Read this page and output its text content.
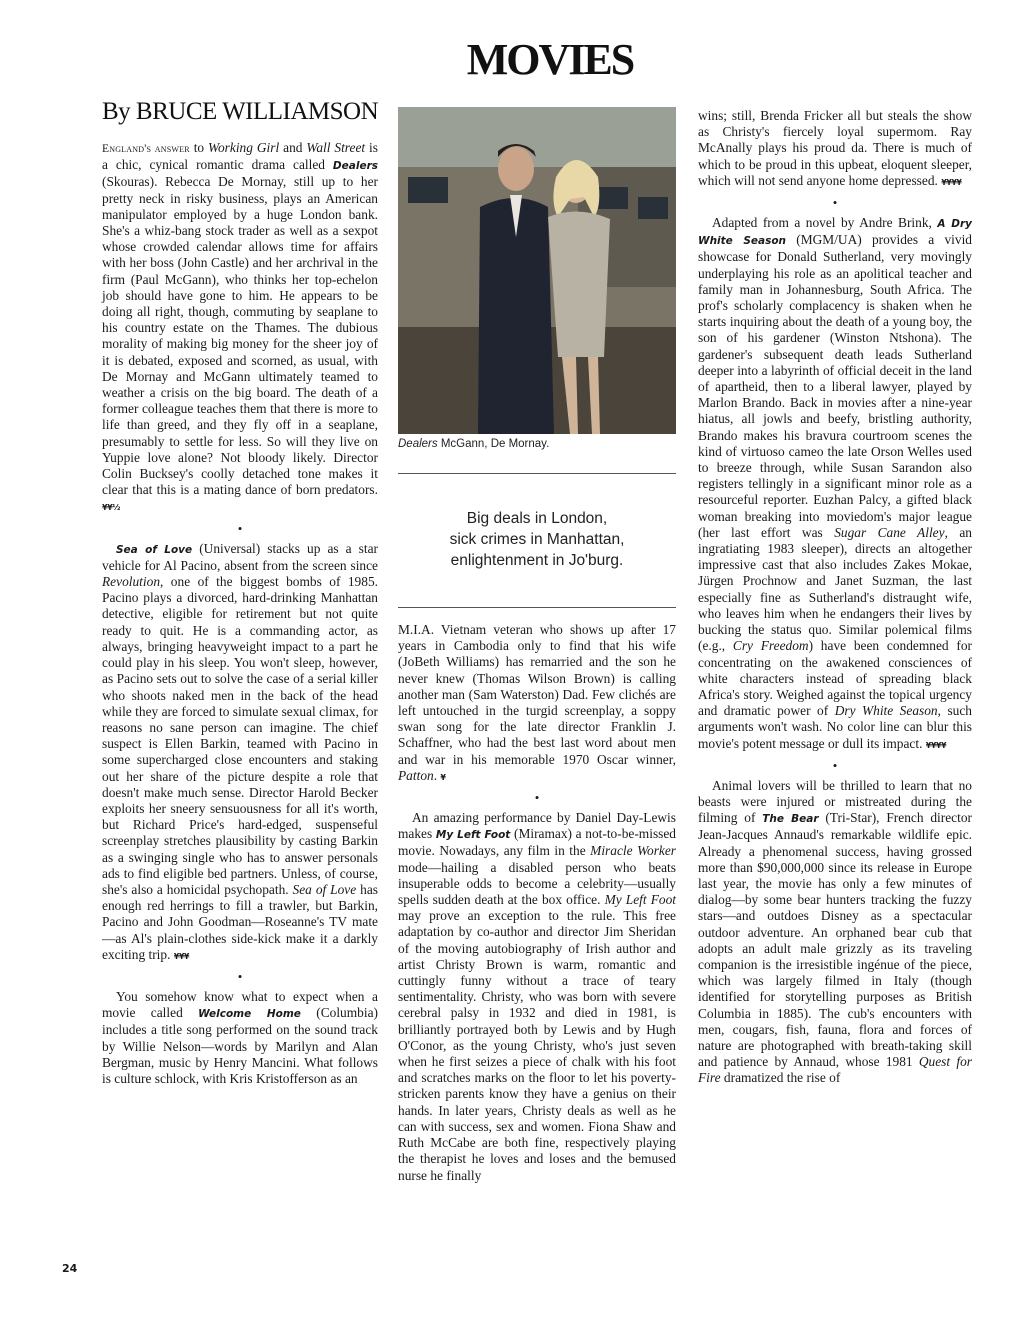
MOVIES
By BRUCE WILLIAMSON

England's answer to Working Girl and Wall Street is a chic, cynical romantic drama called Dealers (Skouras). Rebecca De Mornay, still up to her pretty neck in risky business, plays an American manipulator employed by a huge London bank. She's a whiz-bang stock trader as well as a sexpot whose crowded calendar allows time for affairs with her boss (John Castle) and her archrival in the firm (Paul McGann), who thinks her top-echelon job should have gone to him. He appears to be doing all right, though, commuting by seaplane to his country estate on the Thames. The dubious morality of making big money for the sheer joy of it is debated, exposed and scorned, as usual, with De Mornay and McGann ultimately teamed to weather a crisis on the big board. The death of a former colleague teaches them that there is more to life than greed, and they fly off in a seaplane, presumably to settle for less. So will they live on Yuppie love alone? Not bloody likely. Director Colin Bucksey's coolly detached tone makes it clear that this is a mating dance of born predators. ¥¥½

•

Sea of Love (Universal) stacks up as a star vehicle for Al Pacino, absent from the screen since Revolution, one of the biggest bombs of 1985. Pacino plays a divorced, hard-drinking Manhattan detective, eligible for retirement but not quite ready to quit. He is a commanding actor, as always, bringing heavyweight impact to a part he could play in his sleep. You won't sleep, however, as Pacino sets out to solve the case of a serial killer who shoots naked men in the back of the head while they are forced to simulate sexual climax, for reasons no sane person can imagine. The chief suspect is Ellen Barkin, teamed with Pacino in some supercharged close encounters and staking out her share of the picture despite a role that doesn't make much sense. Director Harold Becker exploits her sneery sensuousness for all it's worth, but Richard Price's hard-edged, suspenseful screenplay stretches plausibility by casting Barkin as a swinging single who has to answer personals ads to find eligible bed partners. Unless, of course, she's also a homicidal psychopath. Sea of Love has enough red herrings to fill a trawler, but Barkin, Pacino and John Goodman—Roseanne's TV mate—as Al's plain-clothes side-kick make it a darkly exciting trip. ¥¥¥

•

You somehow know what to expect when a movie called Welcome Home (Columbia) includes a title song performed on the sound track by Willie Nelson—words by Marilyn and Alan Bergman, music by Henry Mancini. What follows is culture schlock, with Kris Kristofferson as an

Dealers McGann, De Mornay.
Big deals in London,
sick crimes in Manhattan,
enlightenment in Jo'burg.

M.I.A. Vietnam veteran who shows up after 17 years in Cambodia only to find that his wife (JoBeth Williams) has remarried and the son he never knew (Thomas Wilson Brown) is calling another man (Sam Waterston) Dad. Few clichés are left untouched in the turgid screenplay, a soppy swan song for the late director Franklin J. Schaffner, who had the best last word about men and war in his memorable 1970 Oscar winner, Patton. ¥

•

An amazing performance by Daniel Day-Lewis makes My Left Foot (Miramax) a not-to-be-missed movie. Nowadays, any film in the Miracle Worker mode—hailing a disabled person who beats insuperable odds to become a celebrity—usually spells sudden death at the box office. My Left Foot may prove an exception to the rule. This free adaptation by co-author and director Jim Sheridan of the moving autobiography of Irish author and artist Christy Brown is warm, romantic and cuttingly funny without a trace of teary sentimentality. Christy, who was born with severe cerebral palsy in 1932 and died in 1981, is brilliantly portrayed both by Lewis and by Hugh O'Conor, as the young Christy, who's just seven when he first seizes a piece of chalk with his foot and scratches marks on the floor to let his poverty-stricken parents know they have a genius on their hands. In later years, Christy deals as well as he can with success, sex and women. Fiona Shaw and Ruth McCabe are both fine, respectively playing the therapist he loves and loses and the bemused nurse he finally

wins; still, Brenda Fricker all but steals the show as Christy's fiercely loyal supermom. Ray McAnally plays his proud da. There is much of which to be proud in this upbeat, eloquent sleeper, which will not send anyone home depressed. ¥¥¥¥

•

Adapted from a novel by Andre Brink, A Dry White Season (MGM/UA) provides a vivid showcase for Donald Sutherland, very movingly underplaying his role as an apolitical teacher and family man in Johannesburg, South Africa. The prof's scholarly complacency is shaken when he starts inquiring about the death of a young boy, the son of his gardener (Winston Ntshona). The gardener's subsequent death leads Sutherland deeper into a labyrinth of official deceit in the land of apartheid, then to a liberal lawyer, played by Marlon Brando. Back in movies after a nine-year hiatus, all jowls and beefy, bristling authority, Brando makes his bravura courtroom scenes the kind of virtuoso cameo the late Orson Welles used to breeze through, while Susan Sarandon also registers tellingly in a significant minor role as a resourceful reporter. Euzhan Palcy, a gifted black woman breaking into moviedom's major league (her last effort was Sugar Cane Alley, an ingratiating 1983 sleeper), directs an altogether impressive cast that also includes Zakes Mokae, Jürgen Prochnow and Janet Suzman, the last especially fine as Sutherland's distraught wife, who leaves him when he endangers their lives by bucking the status quo. Similar polemical films (e.g., Cry Freedom) have been condemned for concentrating on the awakened consciences of white characters instead of spreading black Africa's story. Weighed against the topical urgency and dramatic power of Dry White Season, such arguments won't wash. No color line can blur this movie's potent message or dull its impact. ¥¥¥¥

•

Animal lovers will be thrilled to learn that no beasts were injured or mistreated during the filming of The Bear (Tri-Star), French director Jean-Jacques Annaud's remarkable wildlife epic. Already a phenomenal success, having grossed more than $90,000,000 since its release in Europe last year, the movie has only a few minutes of dialog—by some bear hunters tracking the fuzzy stars—and outdoes Disney as a spectacular outdoor adventure. An orphaned bear cub that adopts an adult male grizzly as its traveling companion is the irresistible ingénue of the piece, which was largely filmed in Italy (though identified for storytelling purposes as British Columbia in 1885). The cub's encounters with men, cougars, fish, fauna, flora and forces of nature are photographed with breath-taking skill and patience by Annaud, whose 1981 Quest for Fire dramatized the rise of

24
